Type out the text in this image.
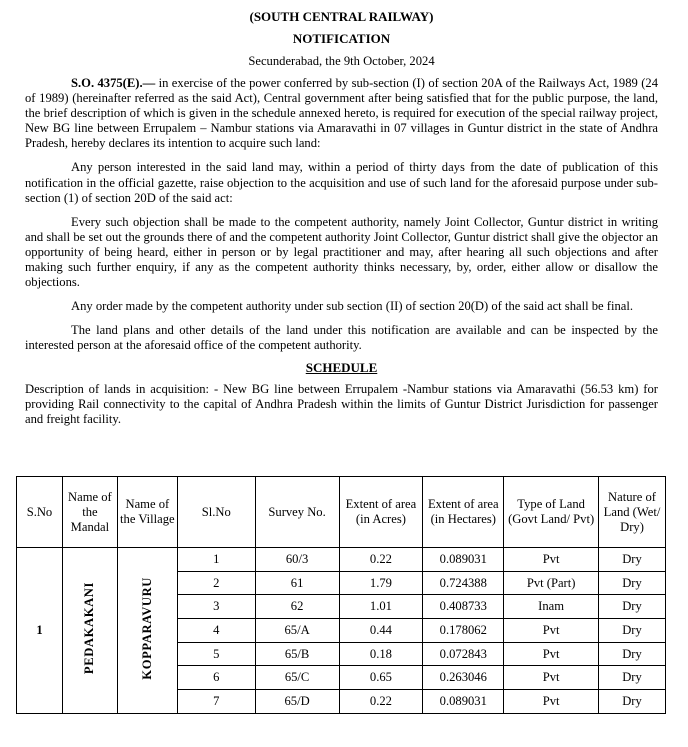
(SOUTH CENTRAL RAILWAY)
NOTIFICATION
Secunderabad, the 9th October, 2024

S.O. 4375(E).— in exercise of the power conferred by sub-section (I) of section 20A of the Railways Act, 1989 (24 of 1989) (hereinafter referred as the said Act), Central government after being satisfied that for the public purpose, the land, the brief description of which is given in the schedule annexed hereto, is required for execution of the special railway project, New BG line between Errupalem – Nambur stations via Amaravathi in 07 villages in Guntur district in the state of Andhra Pradesh, hereby declares its intention to acquire such land:

Any person interested in the said land may, within a period of thirty days from the date of publication of this notification in the official gazette, raise objection to the acquisition and use of such land for the aforesaid purpose under sub- section (1) of section 20D of the said act:

Every such objection shall be made to the competent authority, namely Joint Collector, Guntur district in writing and shall be set out the grounds there of and the competent authority Joint Collector, Guntur district shall give the objector an opportunity of being heard, either in person or by legal practitioner and may, after hearing all such objections and after making such further enquiry, if any as the competent authority thinks necessary, by, order, either allow or disallow the objections.

Any order made by the competent authority under sub section (II) of section 20(D) of the said act shall be final.

The land plans and other details of the land under this notification are available and can be inspected by the interested person at the aforesaid office of the competent authority.

SCHEDULE

Description of lands in acquisition: - New BG line between Errupalem -Nambur stations via Amaravathi (56.53 km) for providing Rail connectivity to the capital of Andhra Pradesh within the limits of Guntur District Jurisdiction for passenger and freight facility.

S.No	Name of the Mandal	Name of the Village	Sl.No	Survey No.	Extent of area (in Acres)	Extent of area (in Hectares)	Type of Land (Govt Land/ Pvt)	Nature of Land (Wet/ Dry)
1	PEDAKAKANI	KOPPARAVURU	1	60/3	0.22	0.089031	Pvt	Dry
			2	61	1.79	0.724388	Pvt (Part)	Dry
			3	62	1.01	0.408733	Inam	Dry
			4	65/A	0.44	0.178062	Pvt	Dry
			5	65/B	0.18	0.072843	Pvt	Dry
			6	65/C	0.65	0.263046	Pvt	Dry
			7	65/D	0.22	0.089031	Pvt	Dry
